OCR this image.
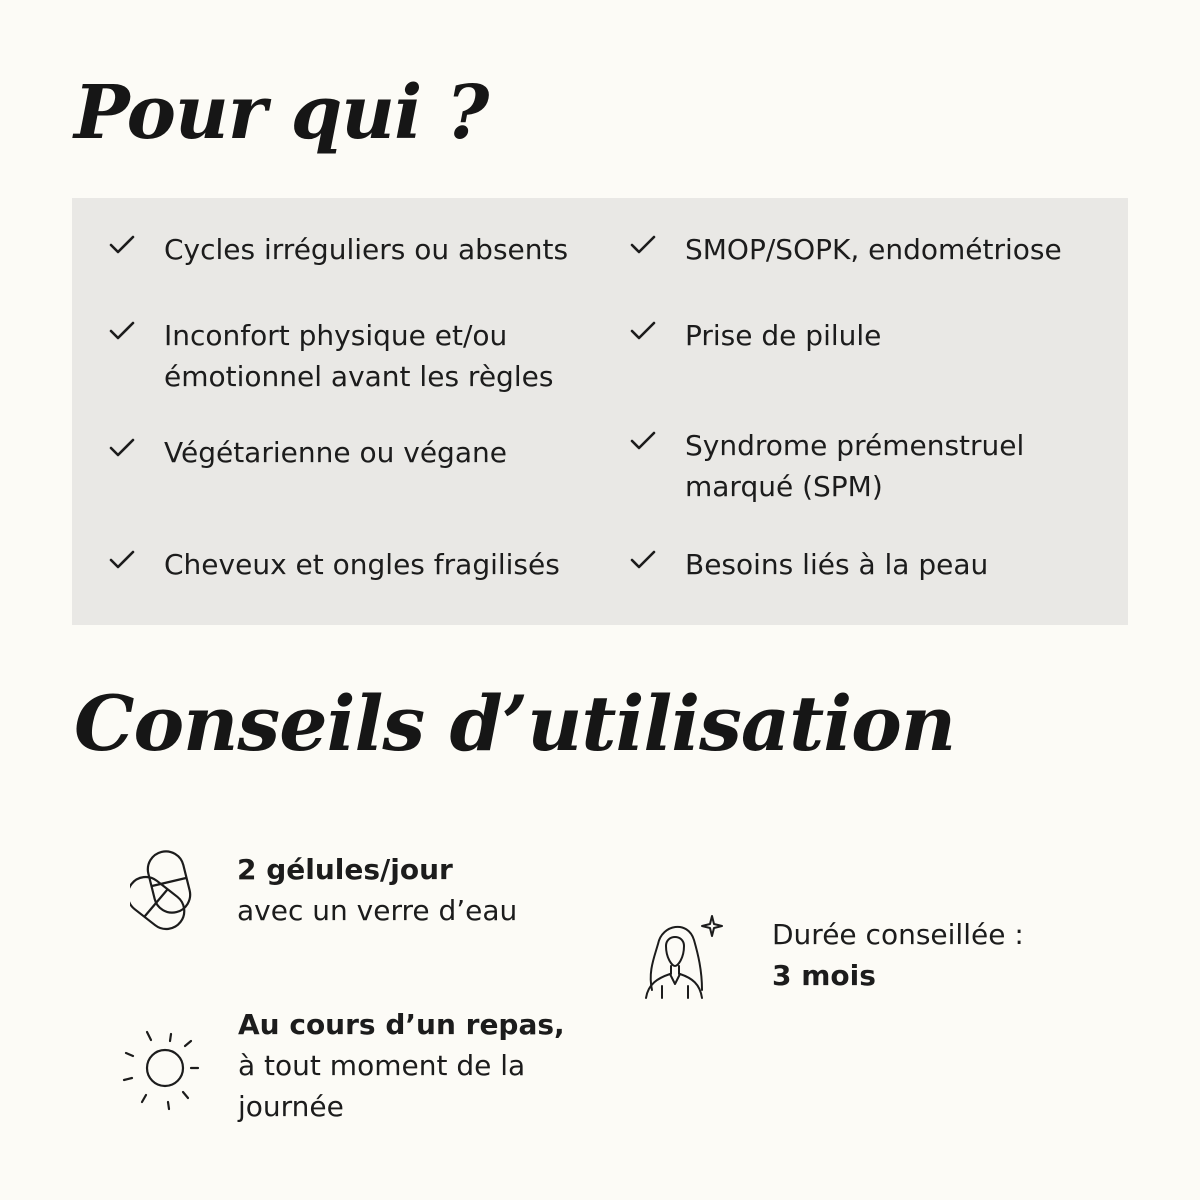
Pour qui ?
Cycles irréguliers ou absents
Inconfort physique et/ou
émotionnel avant les règles
Végétarienne ou végane
Cheveux et ongles fragilisés
SMOP/SOPK, endométriose
Prise de pilule
Syndrome prémenstruel
marqué (SPM)
Besoins liés à la peau
Conseils d’utilisation
2 gélules/jour
avec un verre d’eau
Au cours d’un repas,
à tout moment de la
journée
Durée conseillée :
3 mois
